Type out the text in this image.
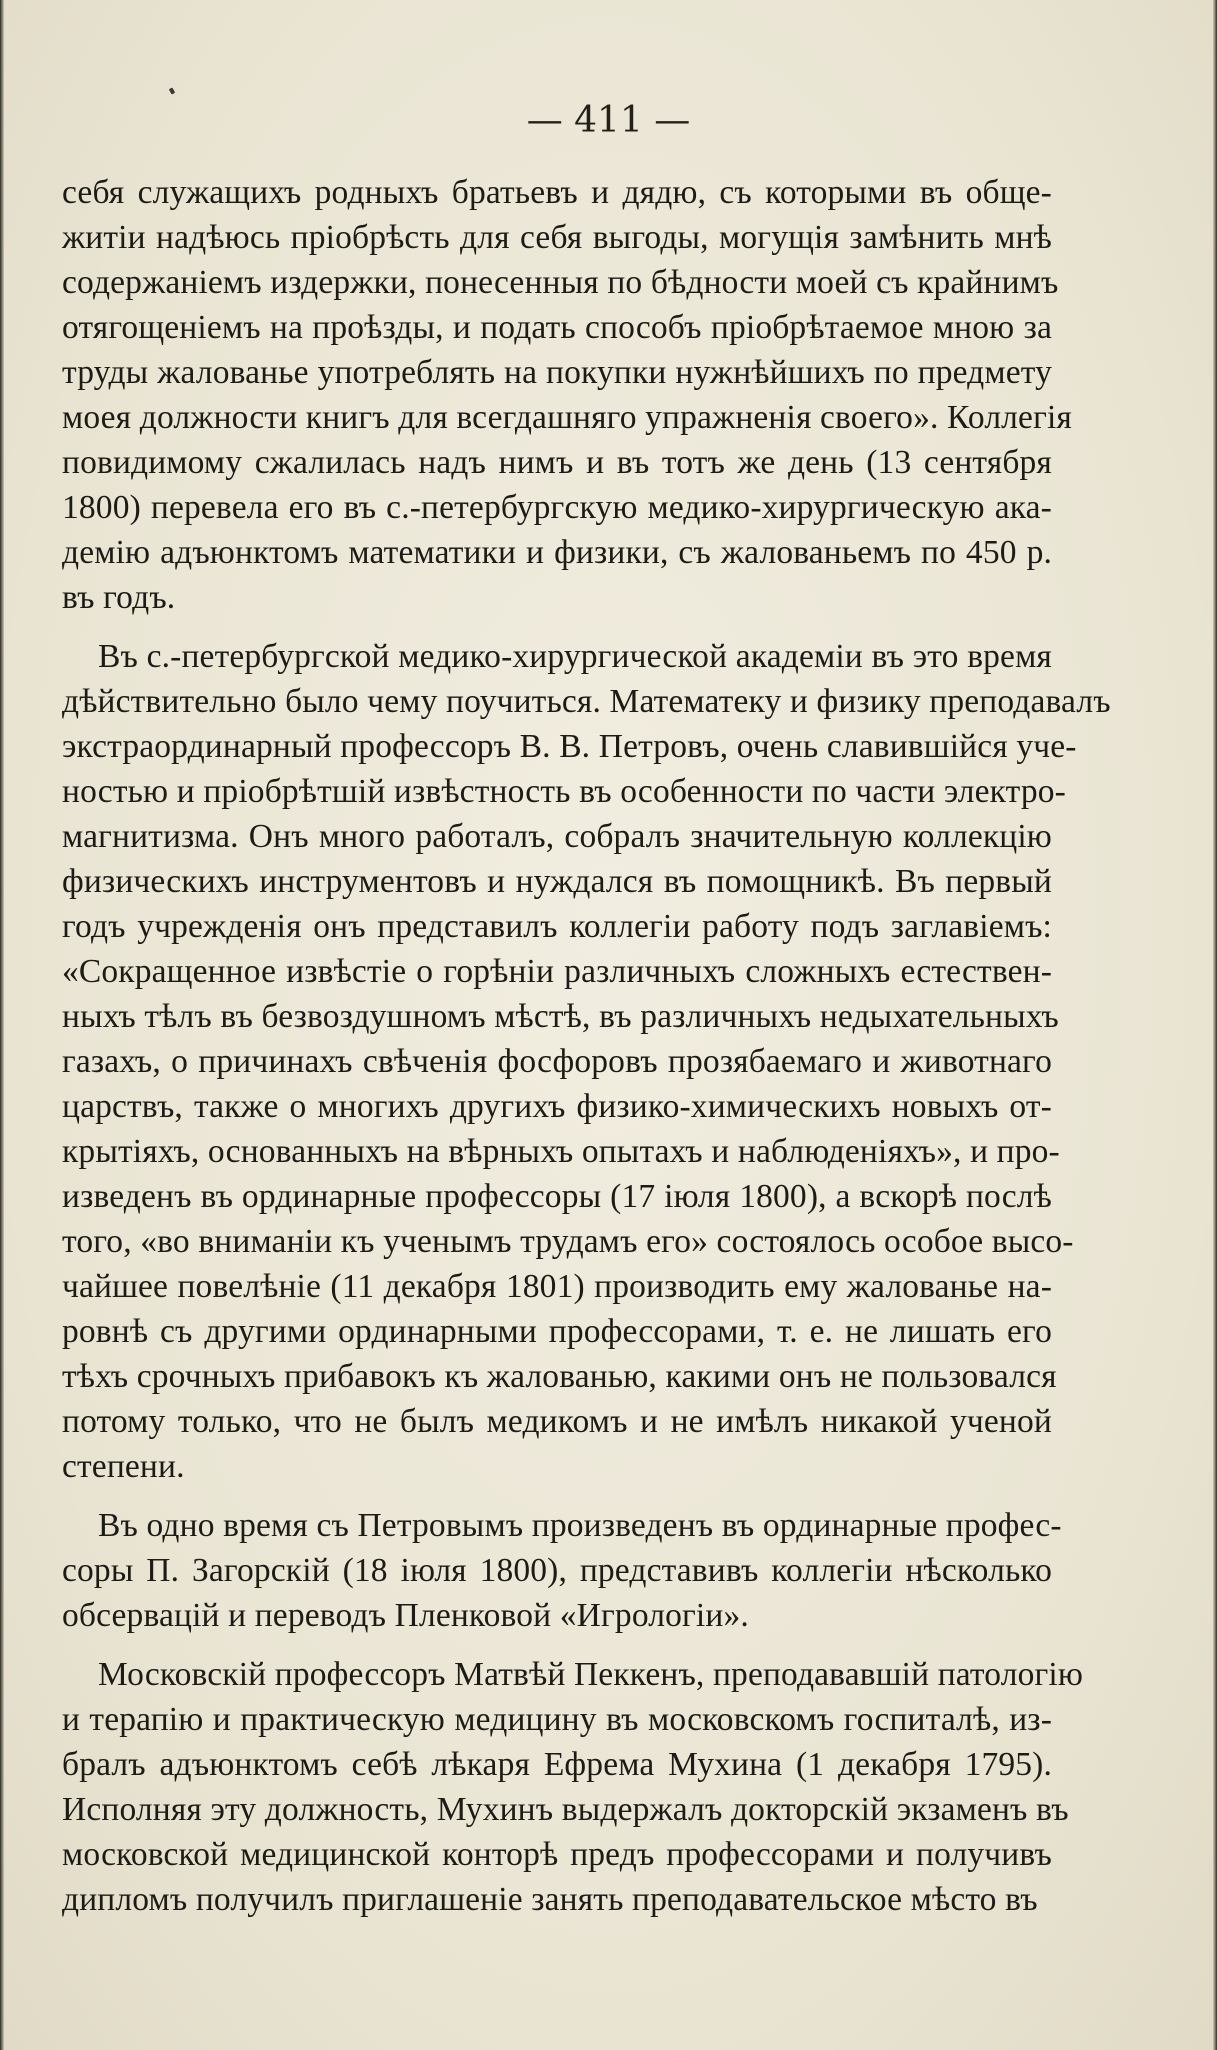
— 411 —
себя служащихъ родныхъ братьевъ и дядю, съ которыми въ обще-
житіи надѣюсь пріобрѣсть для себя выгоды, могущія замѣнить мнѣ
содержаніемъ издержки, понесенныя по бѣдности моей съ крайнимъ
отягощеніемъ на проѣзды, и подать способъ пріобрѣтаемое мною за
труды жалованье употреблять на покупки нужнѣйшихъ по предмету
моея должности книгъ для всегдашняго упражненія своего». Коллегія
повидимому сжалилась надъ нимъ и въ тотъ же день (13 сентября
1800) перевела его въ с.-петербургскую медико-хирургическую ака-
демію адъюнктомъ математики и физики, съ жалованьемъ по 450 р.
въ годъ.
Въ с.-петербургской медико-хирургической академіи въ это время
дѣйствительно было чему поучиться. Математеку и физику преподавалъ
экстраординарный профессоръ В. В. Петровъ, очень славившійся уче-
ностью и пріобрѣтшій извѣстность въ особенности по части электро-
магнитизма. Онъ много работалъ, собралъ значительную коллекцію
физическихъ инструментовъ и нуждался въ помощникѣ. Въ первый
годъ учрежденія онъ представилъ коллегіи работу подъ заглавіемъ:
«Сокращенное извѣстіе о горѣніи различныхъ сложныхъ естествен-
ныхъ тѣлъ въ безвоздушномъ мѣстѣ, въ различныхъ недыхательныхъ
газахъ, о причинахъ свѣченія фосфоровъ прозябаемаго и животнаго
царствъ, также о многихъ другихъ физико-химическихъ новыхъ от-
крытіяхъ, основанныхъ на вѣрныхъ опытахъ и наблюденіяхъ», и про-
изведенъ въ ординарные профессоры (17 іюля 1800), а вскорѣ послѣ
того, «во вниманіи къ ученымъ трудамъ его» состоялось особое высо-
чайшее повелѣніе (11 декабря 1801) производить ему жалованье на-
ровнѣ съ другими ординарными профессорами, т. е. не лишать его
тѣхъ срочныхъ прибавокъ къ жалованью, какими онъ не пользовался
потому только, что не былъ медикомъ и не имѣлъ никакой ученой
степени.
Въ одно время съ Петровымъ произведенъ въ ординарные профес-
соры П. Загорскій (18 іюля 1800), представивъ коллегіи нѣсколько
обсервацій и переводъ Пленковой «Игрологіи».
Московскій профессоръ Матвѣй Пеккенъ, преподававшій патологію
и терапію и практическую медицину въ московскомъ госпиталѣ, из-
бралъ адъюнктомъ себѣ лѣкаря Ефрема Мухина (1 декабря 1795).
Исполняя эту должность, Мухинъ выдержалъ докторскій экзаменъ въ
московской медицинской конторѣ предъ профессорами и получивъ
дипломъ получилъ приглашеніе занять преподавательское мѣсто въ
